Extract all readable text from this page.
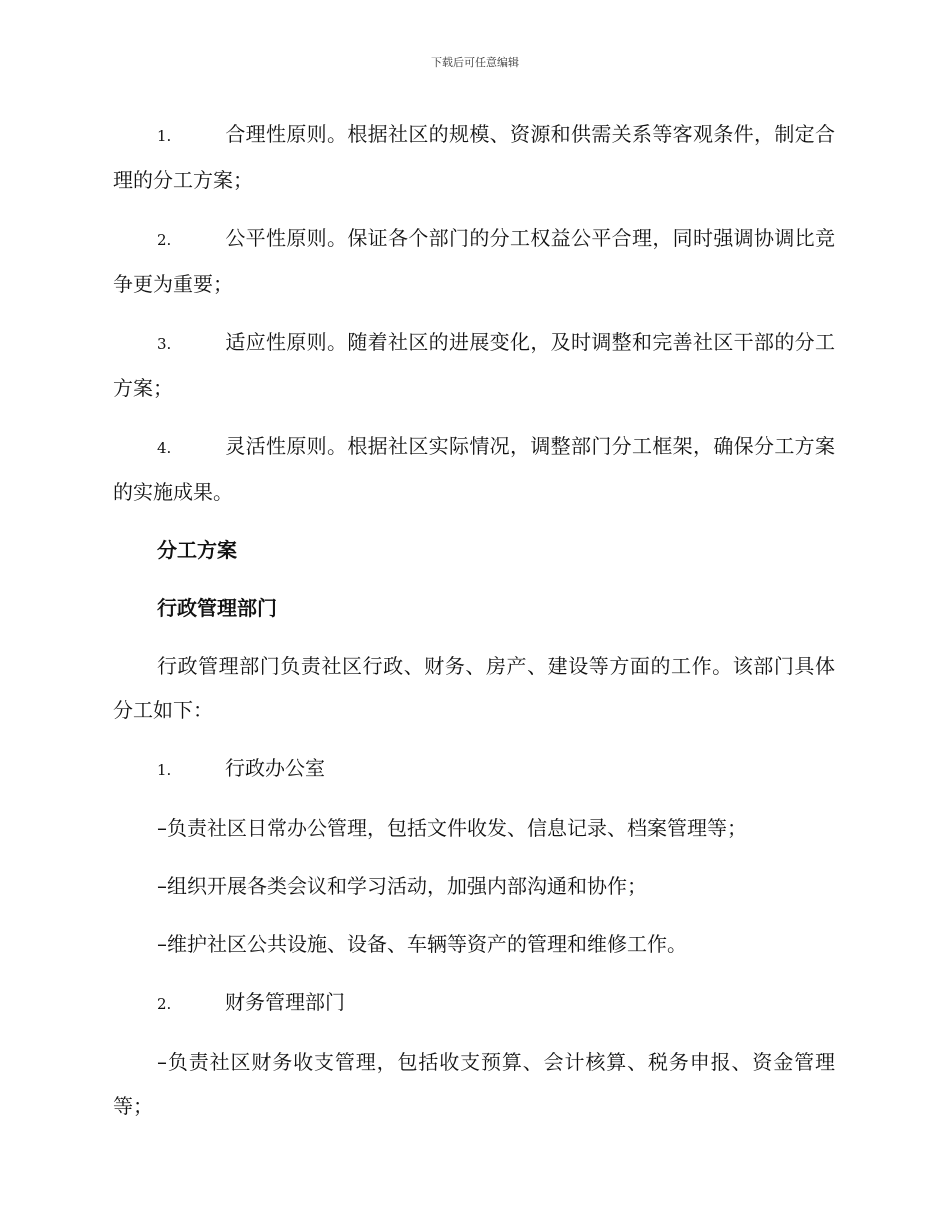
下载后可任意编辑

1.	合理性原则。根据社区的规模、资源和供需关系等客观条件，制定合理的分工方案；

2.	公平性原则。保证各个部门的分工权益公平合理，同时强调协调比竞争更为重要；

3.	适应性原则。随着社区的进展变化，及时调整和完善社区干部的分工方案；

4.	灵活性原则。根据社区实际情况，调整部门分工框架，确保分工方案的实施成果。

分工方案

行政管理部门

行政管理部门负责社区行政、财务、房产、建设等方面的工作。该部门具体分工如下：

1.	行政办公室

–负责社区日常办公管理，包括文件收发、信息记录、档案管理等；

–组织开展各类会议和学习活动，加强内部沟通和协作；

–维护社区公共设施、设备、车辆等资产的管理和维修工作。

2.	财务管理部门

–负责社区财务收支管理，包括收支预算、会计核算、税务申报、资金管理等；
